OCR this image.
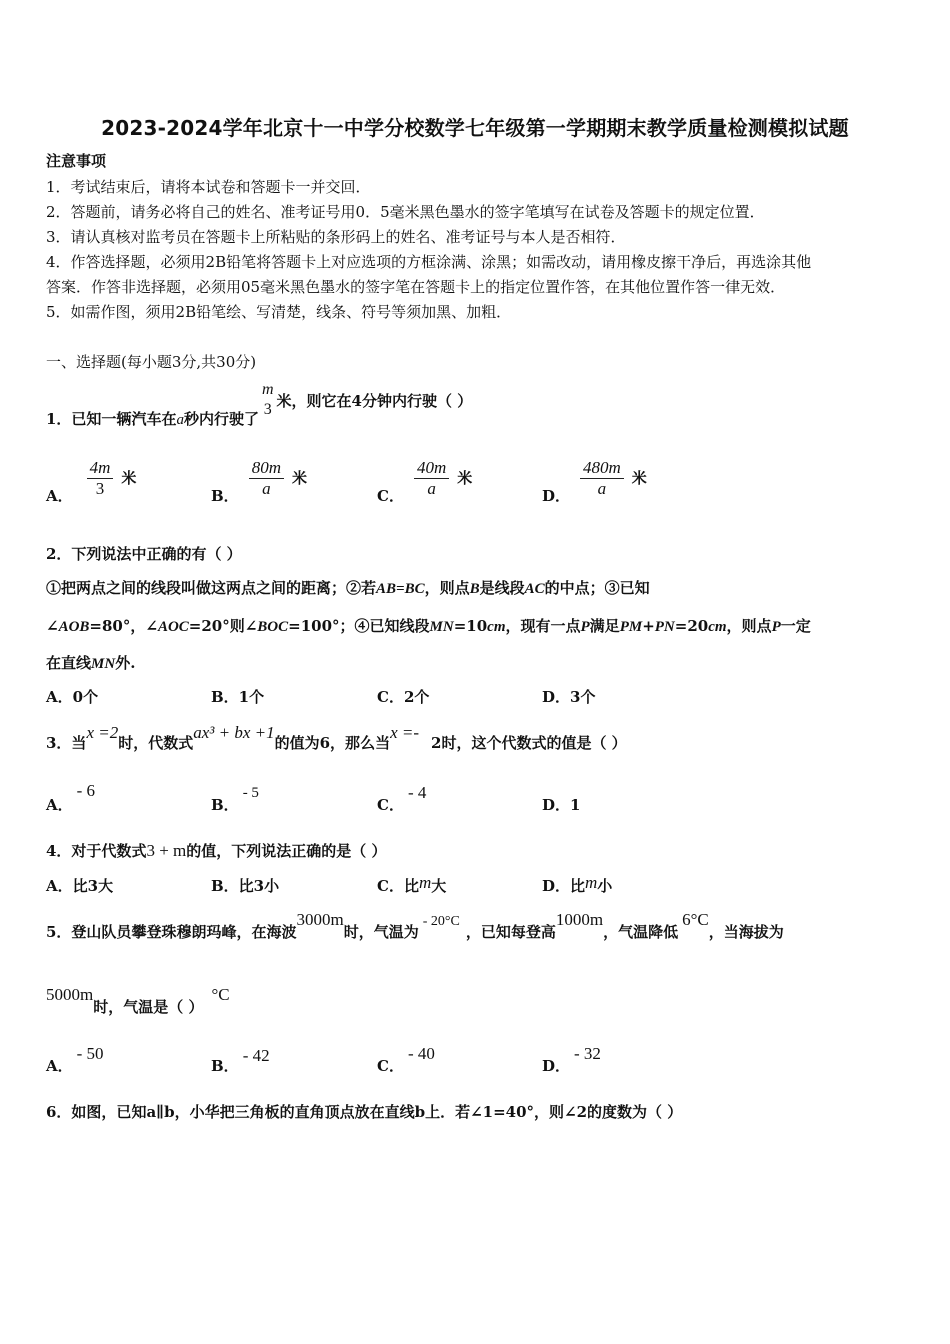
2023-2024学年北京十一中学分校数学七年级第一学期期末教学质量检测模拟试题
注意事项
1．考试结束后，请将本试卷和答题卡一并交回．
2．答题前，请务必将自己的姓名、准考证号用0．5毫米黑色墨水的签字笔填写在试卷及答题卡的规定位置．
3．请认真核对监考员在答题卡上所粘贴的条形码上的姓名、准考证号与本人是否相符．
4．作答选择题，必须用2B铅笔将答题卡上对应选项的方框涂满、涂黑；如需改动，请用橡皮擦干净后，再选涂其他
答案．作答非选择题，必须用05毫米黑色墨水的签字笔在答题卡上的指定位置作答，在其他位置作答一律无效．
5．如需作图，须用2B铅笔绘、写清楚，线条、符号等须加黑、加粗．
一、选择题(每小题3分,共30分)
1．已知一辆汽车在a秒内行驶了
m
3 米，则它在4分钟内行驶（ ）
A． $\frac{4m}{3}$ 米
B． $\frac{80m}{a}$ 米
C． $\frac{40m}{a}$ 米
D． $\frac{480m}{a}$ 米
2．下列说法中正确的有（ ）
①把两点之间的线段叫做这两点之间的距离；②若AB=BC，则点B是线段AC的中点；③已知
∠AOB=80°，∠AOC=20°则∠BOC=100°；④已知线段MN=10cm，现有一点P满足PM+PN=20cm，则点P一定
在直线MN外.
A．0个	B．1个	C．2个	D．3个
3．当x =2时，代数式ax³ + bx +1的值为6，那么当x =-2时，这个代数式的值是（ ）
A．- 6
B．- 5
C．- 4
D．1
4．对于代数式3 + m的值，下列说法正确的是（ ）
A．比3大	B．比3小	C．比m大	D．比m小
5．登山队员攀登珠穆朗玛峰，在海波3000m时，气温为- 20°C，已知每登高1000m，气温降低6°C，当海拔为
5000m时，气温是（ ）°C
A．- 50
B．- 42
C．- 40
D．- 32
6．如图，已知a∥b，小华把三角板的直角顶点放在直线b上．若∠1=40°，则∠2的度数为（ ）
